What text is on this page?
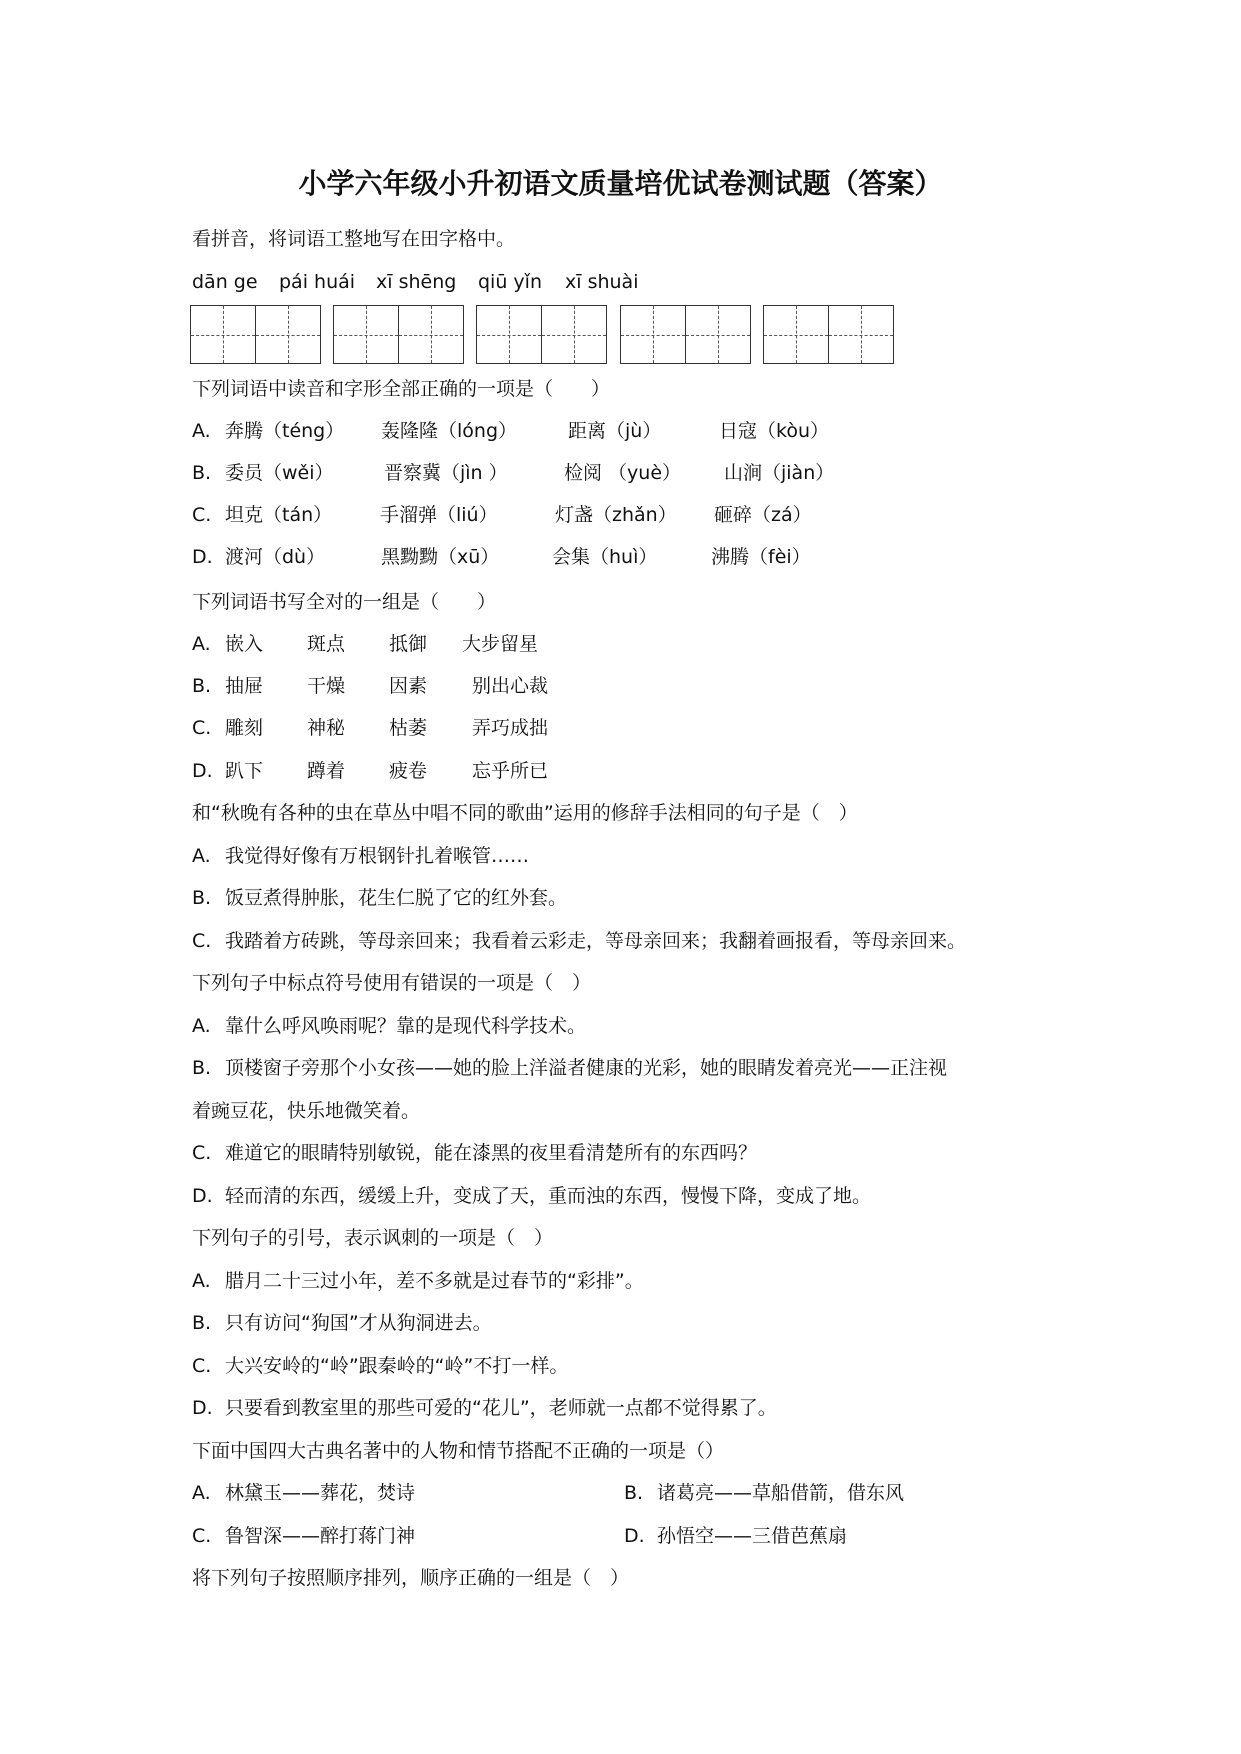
小学六年级小升初语文质量培优试卷测试题（答案）
看拼音，将词语工整地写在田字格中。
dān ge pái huái xī shēng qiū yǐn xī shuài
下列词语中读音和字形全部正确的一项是（　　）
A. 奔腾（téng） 轰隆隆（lóng）	距离（jù）	日寇（kòu）
B. 委员（wěi）	晋察冀（jìn ）	检阅 （yuè） 山涧（jiàn）
C. 坦克（tán）	手溜弹（liú）	灯盏（zhǎn） 砸碎（zá）
D. 渡河（dù）	黑黝黝（xū）	会集（huì）	沸腾（fèi）
下列词语书写全对的一组是（　　）
A. 嵌入 斑点 抵御 大步留星
B. 抽屉 干燥 因素 别出心裁
C. 雕刻 神秘 枯萎 弄巧成拙
D. 趴下 蹲着 疲卷 忘乎所已
和“秋晚有各种的虫在草丛中唱不同的歌曲”运用的修辞手法相同的句子是（　）
A. 我觉得好像有万根钢针扎着喉管……
B. 饭豆煮得肿胀，花生仁脱了它的红外套。
C. 我踏着方砖跳，等母亲回来；我看着云彩走，等母亲回来；我翻着画报看，等母亲回来。
下列句子中标点符号使用有错误的一项是（　）
A. 靠什么呼风唤雨呢？靠的是现代科学技术。
B. 顶楼窗子旁那个小女孩——她的脸上洋溢者健康的光彩，她的眼睛发着亮光——正注视
着豌豆花，快乐地微笑着。
C. 难道它的眼睛特别敏锐，能在漆黑的夜里看清楚所有的东西吗？
D. 轻而清的东西，缓缓上升，变成了天，重而浊的东西，慢慢下降，变成了地。
下列句子的引号，表示讽刺的一项是（　）
A. 腊月二十三过小年，差不多就是过春节的“彩排”。
B. 只有访问“狗国”才从狗洞进去。
C. 大兴安岭的“岭”跟秦岭的“岭”不打一样。
D. 只要看到教室里的那些可爱的“花儿”，老师就一点都不觉得累了。
下面中国四大古典名著中的人物和情节搭配不正确的一项是（）
A. 林黛玉——葬花，焚诗	B. 诸葛亮——草船借箭，借东风
C. 鲁智深——醉打蒋门神	D. 孙悟空——三借芭蕉扇
将下列句子按照顺序排列，顺序正确的一组是（　）
